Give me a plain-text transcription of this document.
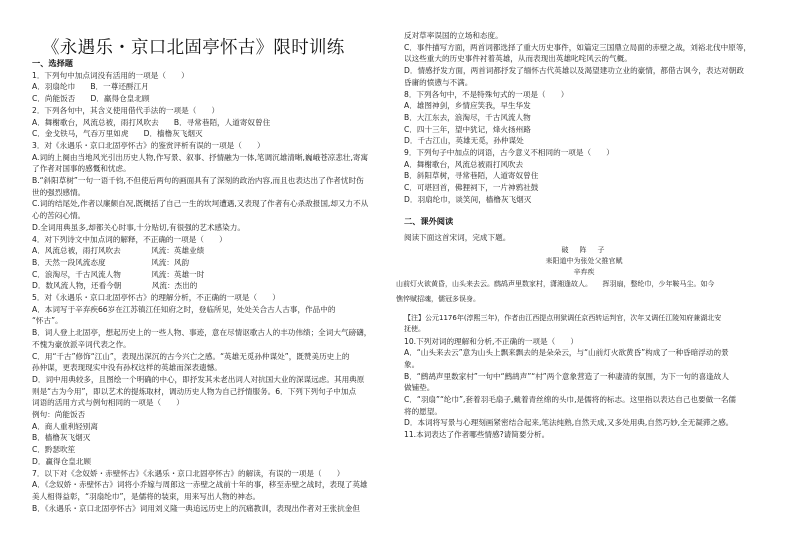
《永遇乐・京口北固亭怀古》限时训练
一、选择题
1．下列句中加点词没有活用的一项是（　　）
A．羽扇纶巾　　B．一尊还酹江月
C．尚能饭否　　D．羸得仓皇北顾
2．下列各句中，其含义使用借代手法的一项是（　　）
A．舞榭歌台，风流总被，雨打风吹去　　B．寻常巷陌，人道寄奴曾住
C．金戈铁马，气吞万里如虎　　D．樯橹灰飞烟灭
3．对《永遇乐・京口北固亭怀古》的鉴赏评析有误的一项是（　　）
A.词的上阕由当地风光引出历史人物,作写景、叙事、抒情融为一体,笔调沉雄清晰,巍峨苍凉悲壮,寄寓
了作者对国事的感慨和忧虑。
B.“斜阳草树”一句一语千钧,不但使后两句的画面具有了深刻的政治内容,而且也表达出了作者忧时伤
世的强烈感情。
C.词的结尾处,作者以廉颇自况,既概括了自己一生的坎坷遭遇,又表现了作者有心杀敌报国,却又力不从
心的苦闷心情。
D.全词用典虽多,却都关心时事,十分贴切,有很强的艺术感染力。
4．对下列诗文中加点词的解释，不正确的一项是（　　）
A．风流总被，雨打风吹去　　　　风流：英雄业绩
B．天然一段风流态度　　　　　　风流：风韵
C．浪淘尽，千古风流人物　　　　风流：英雄一时
D．数风流人物，还看今朝　　　　风流：杰出的
5．对《永遇乐・京口北固亭怀古》的理解分析，不正确的一项是（　　）
A．本词写于辛弃疾66岁在江苏镇江任知府之时，登临所见，处处关合古人古事，作品中的
“怀古”。
B．词人登上北固亭，想起历史上的一些人物、事迹，意在尽情讴歌古人的丰功伟绩；全词大气磅礴，
不愧为豪放派辛词代表之作。
C．用“千古”修饰“江山”，表现出深沉的古今兴亡之感。“英雄无觅孙仲谋处”，既赞美历史上的
孙仲谋，更表现现实中没有孙权这样的英雄而深表遗憾。
D．词中用典较多，且图绘一个明确的中心，即抒发其未老出词人对抗国大业的深谋远虑。其用典原
则是“古为今用”，即以艺术的提炼取材，调动历史人物为自己抒情服务。6．下列下列句子中加点
词语的活用方式与例句相同的一项是（　　）
例句：尚能饭否
A．商人重利轻别离
B．樯橹灰飞烟灭
C．黔瑟吹笙
D．赢得仓皇北顾
7．以下对《念奴娇・赤壁怀古》《永遇乐・京口北固亭怀古》的解读，有误的一项是（　　）
A．《念奴娇・赤壁怀古》词将小乔嫁与周郎这一赤壁之战前十年的事，移至赤壁之战时，表现了英雄
美人相得益彰，“羽扇纶巾”，是儒将的装束，用来写出人物的神态。
B．《永遇乐・京口北固亭怀古》词用刘义隆一典追远历史上的沉痛教训，表现出作者对王张抗金但
反对草率误国的立场和态度。
C．事件描写方面，两首词都选择了重大历史事件，如篇定三国鼎立局面的赤壁之战，刘裕北伐中原等，
以这些重大的历史事件衬着英雄，从而表现出英雄叱咤风云的气概。
D．情感抒发方面，两首词都抒发了缅怀古代英雄以及渴望建功立业的豪情，都借古讽今，表达对朝政
昏庸的愤懑与不满。
8．下列各句中，不是特殊句式的一项是（　　）
A．雄图神剑，乡情应笑我，早生华发
B．大江东去，浪淘尽，千古风流人物
C．四十三年，望中犹记，烽火扬州路
D．千古江山，英雄无觅，孙仲谋处
9．下列句子中加点的词语，古今意义不相同的一项是（　　）
A．舞榭歌台，风流总被雨打风吹去
B．斜阳草树，寻常巷陌，人道寄奴曾住
C．可堪回首，佛狸祠下，一片神鸦社鼓
D．羽扇纶巾，谈笑间，樯橹灰飞烟灭
二、课外阅读
阅读下面这首宋词，完成下题。
破　阵　子
耒阳道中为张处父推官赋
辛弃疾
山前灯火欲黄昏，山头来去云。鹧鸪声里数家村，潇湘逢故人。　　挥羽扇，整纶巾，少年鞍马尘。如今
憔悴赋招魂，儒冠多误身。
【注】公元1176年(淳熙三年)，作者由江西提点刑狱调任京西转运判官，次年又调任江陵知府兼湖北安
抚使。
10.下列对词的理解和分析,不正确的一项是（　　）
A．“山头来去云”意为山头上飘来飘去的是朵朵云，与“山前灯火欲黄昏”构成了一种昏暗浮动的景
象。
B．“鹧鸪声里数家村”一句中“鹧鸪声”“村”两个意象营造了一种凄清的氛围，为下一句的喜逢故人
做铺垫。
C．“羽扇”“纶巾”,套着羽毛扇子,戴着青丝绵的头巾,是儒将的标志。这里指以表达自己也要做一名儒
将的愿望。
D．本词将写景与心理刻画紧密结合起来,笔法纯熟,自然天成,又多处用典,自然巧妙,全无凝滞之感。
11.本词表达了作者哪些情感?请简要分析。
